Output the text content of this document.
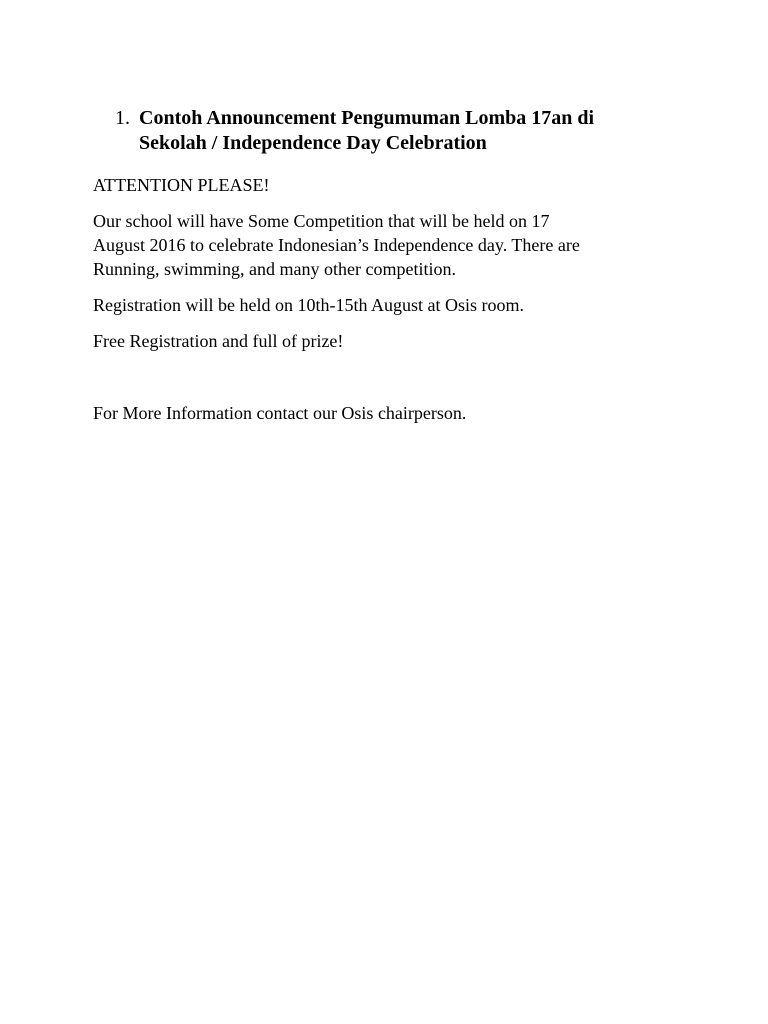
1. Contoh Announcement Pengumuman Lomba 17an di
Sekolah / Independence Day Celebration

ATTENTION PLEASE!

Our school will have Some Competition that will be held on 17
August 2016 to celebrate Indonesian’s Independence day. There are
Running, swimming, and many other competition.

Registration will be held on 10th-15th August at Osis room.

Free Registration and full of prize!

For More Information contact our Osis chairperson.
